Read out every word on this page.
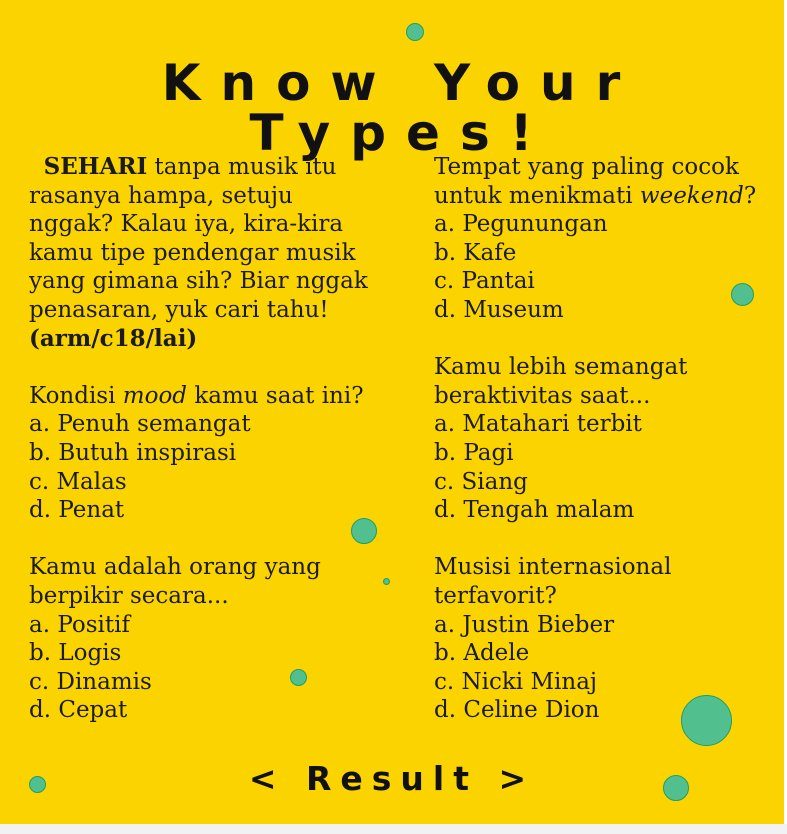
Know Your Types!
SEHARI tanpa musik itu
rasanya hampa, setuju
nggak? Kalau iya, kira-kira
kamu tipe pendengar musik
yang gimana sih? Biar nggak
penasaran, yuk cari tahu!
(arm/c18/lai)
Kondisi mood kamu saat ini?
a. Penuh semangat
b. Butuh inspirasi
c. Malas
d. Penat
Kamu adalah orang yang
berpikir secara...
a. Positif
b. Logis
c. Dinamis
d. Cepat
Tempat yang paling cocok
untuk menikmati weekend?
a. Pegunungan
b. Kafe
c. Pantai
d. Museum
Kamu lebih semangat
beraktivitas saat...
a. Matahari terbit
b. Pagi
c. Siang
d. Tengah malam
Musisi internasional
terfavorit?
a. Justin Bieber
b. Adele
c. Nicki Minaj
d. Celine Dion
< Result >
